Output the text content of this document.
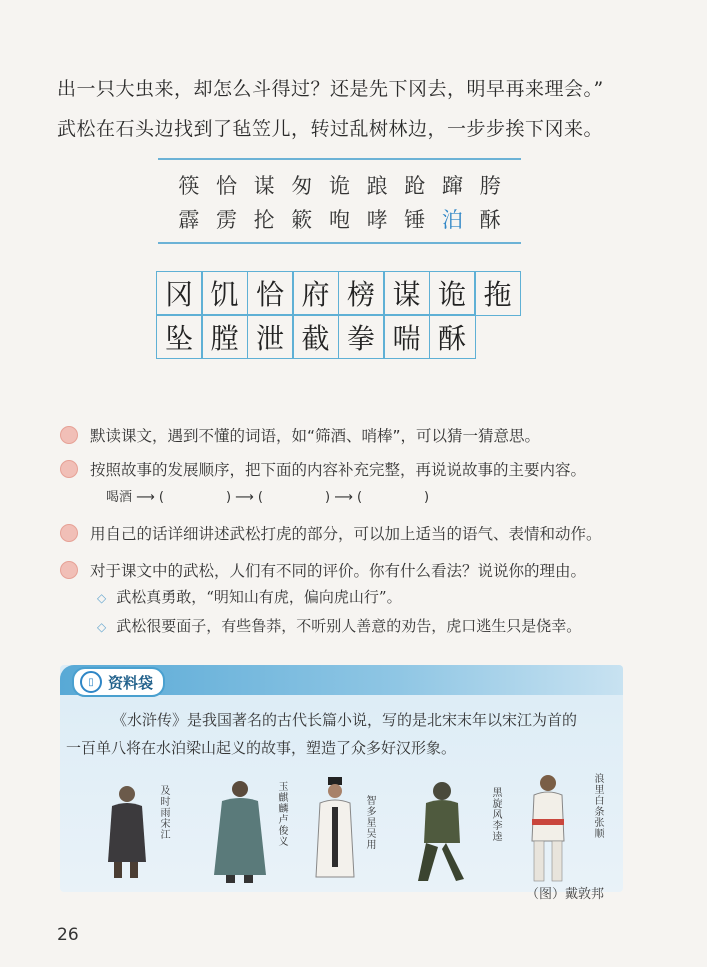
出一只大虫来，却怎么斗得过？还是先下冈去，明早再来理会。”
武松在石头边找到了毡笠儿，转过乱树林边，一步步挨下冈来。
筷 恰 谋 匆 诡 踉 跄 蹿 胯
霹 雳 抡 簌 咆 哮 锤 泊 酥
冈 饥 恰 府 榜 谋 诡 拖
坠 膛 泄 截 拳 喘 酥
默读课文，遇到不懂的词语，如“筛酒、哨棒”，可以猜一猜意思。
按照故事的发展顺序，把下面的内容补充完整，再说说故事的主要内容。
喝酒 ⟶ (               ) ⟶ (               ) ⟶ (               )
用自己的话详细讲述武松打虎的部分，可以加上适当的语气、表情和动作。
对于课文中的武松，人们有不同的评价。你有什么看法？说说你的理由。
◇ 武松真勇敢，“明知山有虎，偏向虎山行”。
◇ 武松很要面子，有些鲁莽，不听别人善意的劝告，虎口逃生只是侥幸。
▯ 资料袋
《水浒传》是我国著名的古代长篇小说，写的是北宋末年以宋江为首的
一百单八将在水泊梁山起义的故事，塑造了众多好汉形象。
及时雨宋江	玉麒麟卢俊义	智多星吴用	黑旋风李逵	浪里白条张顺
（图）戴敦邦
26
